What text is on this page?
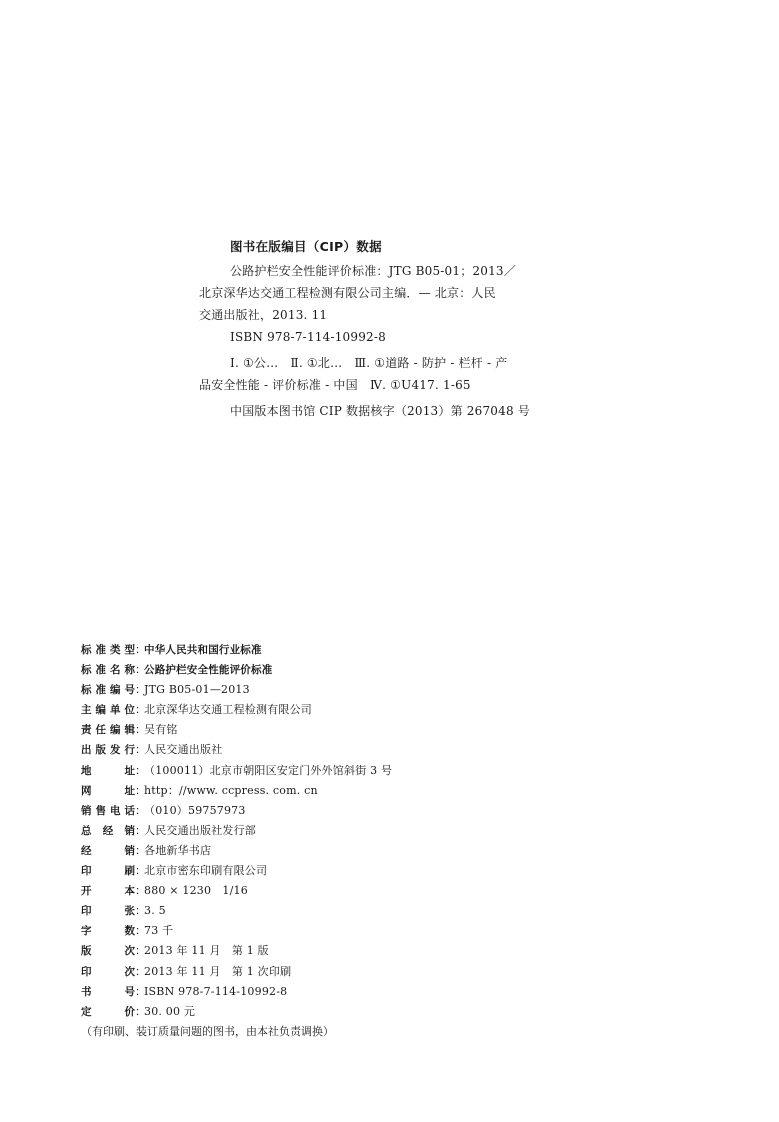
图书在版编目（CIP）数据
公路护栏安全性能评价标准：JTG B05-01；2013／
北京深华达交通工程检测有限公司主编．— 北京：人民
交通出版社，2013. 11
ISBN 978-7-114-10992-8
Ⅰ. ①公…　Ⅱ. ①北…　Ⅲ. ①道路 - 防护 - 栏杆 - 产
品安全性能 - 评价标准 - 中国　Ⅳ. ①U417. 1-65
中国版本图书馆 CIP 数据核字（2013）第 267048 号
标准类型 ：
中华人民共和国行业标准
标准名称 ：
公路护栏安全性能评价标准
标准编号 ：
JTG B05-01—2013
主编单位 ：
北京深华达交通工程检测有限公司
责任编辑 ：
吴有铭
出版发行 ：
人民交通出版社
地址 ：
（100011）北京市朝阳区安定门外外馆斜街 3 号
网址 ：
http：//www. ccpress. com. cn
销售电话 ：
（010）59757973
总经销 ：
人民交通出版社发行部
经销 ：
各地新华书店
印刷 ：
北京市密东印刷有限公司
开本 ：
880 × 1230　1/16
印张 ：
3. 5
字数 ：
73 千
版次 ：
2013 年 11 月　第 1 版
印次 ：
2013 年 11 月　第 1 次印刷
书号 ：
ISBN 978-7-114-10992-8
定价 ：
30. 00 元
（有印刷、装订质量问题的图书，由本社负责调换）
